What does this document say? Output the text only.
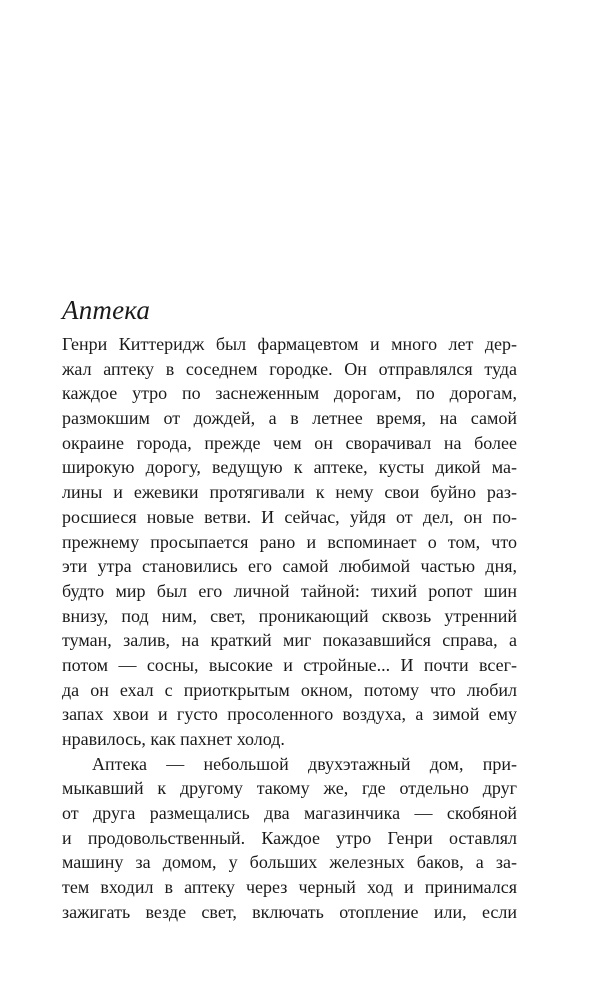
Аптека
Генри Киттеридж был фармацевтом и много лет дер-
жал аптеку в соседнем городке. Он отправлялся туда
каждое утро по заснеженным дорогам, по дорогам,
размокшим от дождей, а в летнее время, на самой
окраине города, прежде чем он сворачивал на более
широкую дорогу, ведущую к аптеке, кусты дикой ма-
лины и ежевики протягивали к нему свои буйно раз-
росшиеся новые ветви. И сейчас, уйдя от дел, он по-
прежнему просыпается рано и вспоминает о том, что
эти утра становились его самой любимой частью дня,
будто мир был его личной тайной: тихий ропот шин
внизу, под ним, свет, проникающий сквозь утренний
туман, залив, на краткий миг показавшийся справа, а
потом — сосны, высокие и стройные... И почти всег-
да он ехал с приоткрытым окном, потому что любил
запах хвои и густо просоленного воздуха, а зимой ему
нравилось, как пахнет холод.
Аптека — небольшой двухэтажный дом, при-
мыкавший к другому такому же, где отдельно друг
от друга размещались два магазинчика — скобяной
и продовольственный. Каждое утро Генри оставлял
машину за домом, у больших железных баков, а за-
тем входил в аптеку через черный ход и принимался
зажигать везде свет, включать отопление или, если
